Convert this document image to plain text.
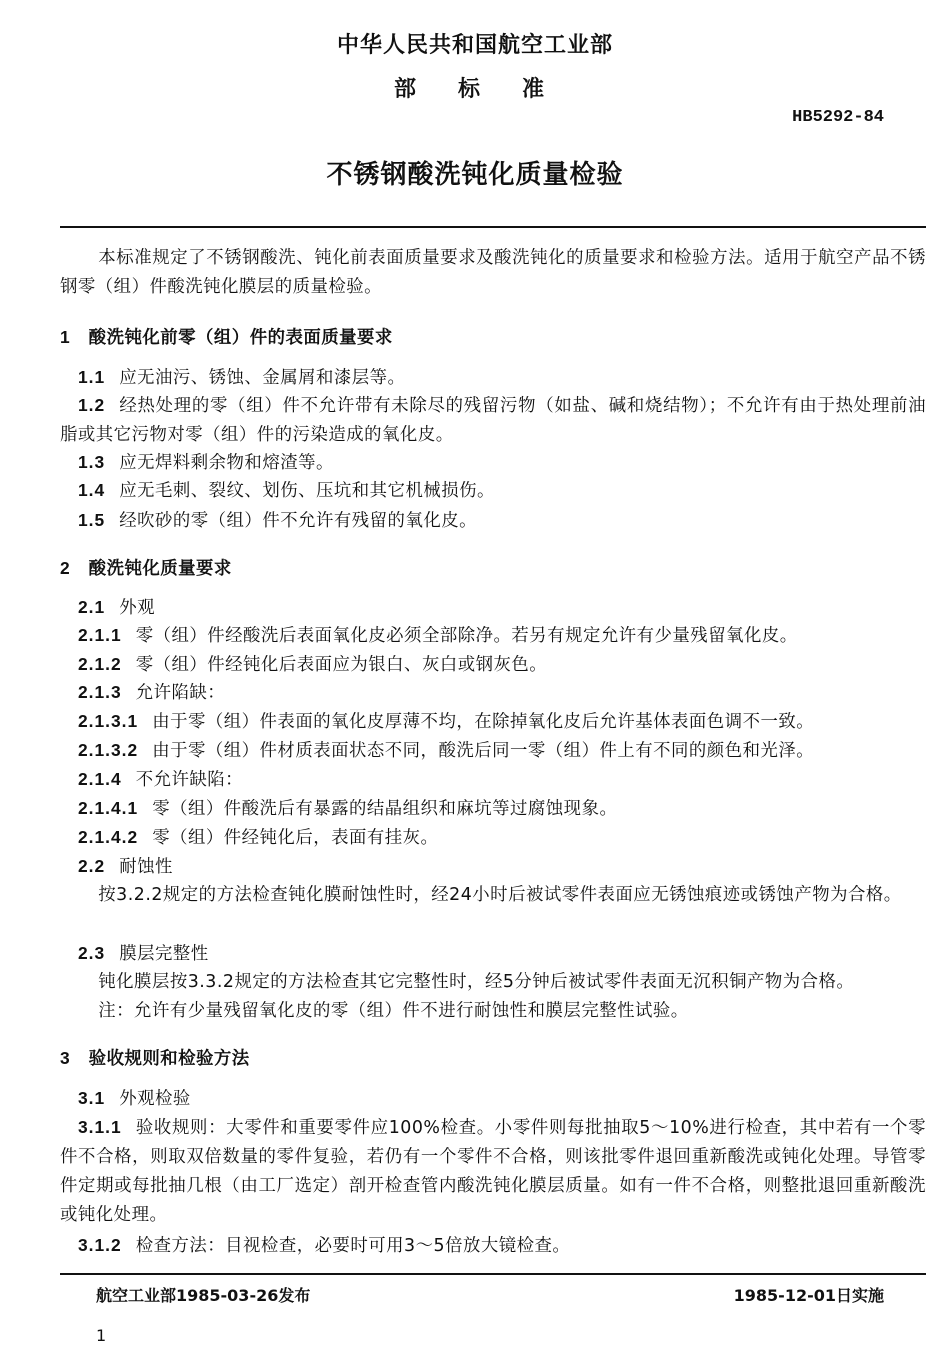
中华人民共和国航空工业部
部标准
HB5292-84
不锈钢酸洗钝化质量检验
本标准规定了不锈钢酸洗、钝化前表面质量要求及酸洗钝化的质量要求和检验方法。适用于航空产品不锈钢零（组）件酸洗钝化膜层的质量检验。
1 酸洗钝化前零（组）件的表面质量要求
1.1 应无油污、锈蚀、金属屑和漆层等。
1.2 经热处理的零（组）件不允许带有未除尽的残留污物（如盐、碱和烧结物）；不允许有由于热处理前油脂或其它污物对零（组）件的污染造成的氧化皮。
1.3 应无焊料剩余物和熔渣等。
1.4 应无毛刺、裂纹、划伤、压坑和其它机械损伤。
1.5 经吹砂的零（组）件不允许有残留的氧化皮。
2 酸洗钝化质量要求
2.1 外观
2.1.1 零（组）件经酸洗后表面氧化皮必须全部除净。若另有规定允许有少量残留氧化皮。
2.1.2 零（组）件经钝化后表面应为银白、灰白或钢灰色。
2.1.3 允许陷缺：
2.1.3.1 由于零（组）件表面的氧化皮厚薄不均，在除掉氧化皮后允许基体表面色调不一致。
2.1.3.2 由于零（组）件材质表面状态不同，酸洗后同一零（组）件上有不同的颜色和光泽。
2.1.4 不允许缺陷：
2.1.4.1 零（组）件酸洗后有暴露的结晶组织和麻坑等过腐蚀现象。
2.1.4.2 零（组）件经钝化后，表面有挂灰。
2.2 耐蚀性
按3.2.2规定的方法检查钝化膜耐蚀性时，经24小时后被试零件表面应无锈蚀痕迹或锈蚀产物为合格。
2.3 膜层完整性
钝化膜层按3.3.2规定的方法检查其它完整性时，经5分钟后被试零件表面无沉积铜产物为合格。
注：允许有少量残留氧化皮的零（组）件不进行耐蚀性和膜层完整性试验。
3 验收规则和检验方法
3.1 外观检验
3.1.1 验收规则：大零件和重要零件应100%检查。小零件则每批抽取5～10%进行检查，其中若有一个零件不合格，则取双倍数量的零件复验，若仍有一个零件不合格，则该批零件退回重新酸洗或钝化处理。导管零件定期或每批抽几根（由工厂选定）剖开检查管内酸洗钝化膜层质量。如有一件不合格，则整批退回重新酸洗或钝化处理。
3.1.2 检查方法：目视检查，必要时可用3～5倍放大镜检查。
航空工业部1985-03-26发布	1985-12-01日实施
1
